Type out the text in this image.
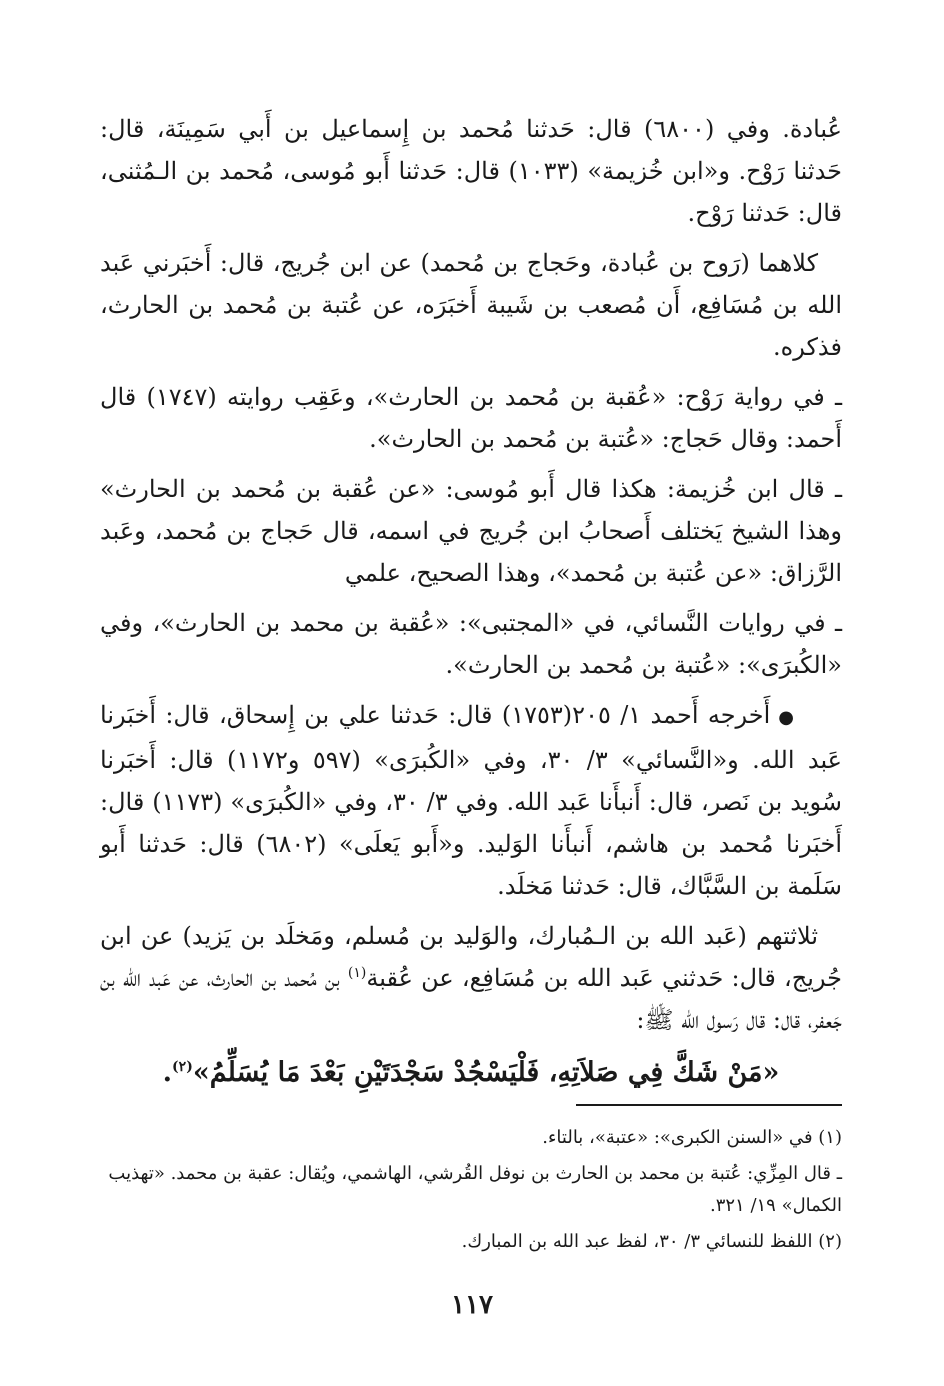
عُبادة. وفي (٦٨٠٠) قال: حَدثنا مُحمد بن إِسماعيل بن أَبي سَمِينَة، قال: حَدثنا رَوْح. و«ابن خُزيمة» (١٠٣٣) قال: حَدثنا أَبو مُوسى، مُحمد بن الـمُثنى، قال: حَدثنا رَوْح.

كلاهما (رَوح بن عُبادة، وحَجاج بن مُحمد) عن ابن جُريج، قال: أَخبَرني عَبد الله بن مُسَافِع، أَن مُصعب بن شَيبة أَخبَرَه، عن عُتبة بن مُحمد بن الحارث، فذكره.

ـ في رواية رَوْح: «عُقبة بن مُحمد بن الحارث»، وعَقِب روايته (١٧٤٧) قال أَحمد: وقال حَجاج: «عُتبة بن مُحمد بن الحارث».

ـ قال ابن خُزيمة: هكذا قال أَبو مُوسى: «عن عُقبة بن مُحمد بن الحارث» وهذا الشيخ يَختلف أَصحابُ ابن جُريج في اسمه، قال حَجاج بن مُحمد، وعَبد الرَّزاق: «عن عُتبة بن مُحمد»، وهذا الصحيح، علمي

ـ في روايات النَّسائي، في «المجتبى»: «عُقبة بن محمد بن الحارث»، وفي «الكُبرَى»: «عُتبة بن مُحمد بن الحارث».

●أَخرجه أَحمد ١/ ٢٠٥(١٧٥٣) قال: حَدثنا علي بن إِسحاق، قال: أَخبَرنا عَبد الله. و«النَّسائي» ٣/ ٣٠، وفي «الكُبرَى» (٥٩٧ و١١٧٢) قال: أَخبَرنا سُويد بن نَصر، قال: أَنبأَنا عَبد الله. وفي ٣/ ٣٠، وفي «الكُبرَى» (١١٧٣) قال: أَخبَرنا مُحمد بن هاشم، أَنبأَنا الوَليد. و«أَبو يَعلَى» (٦٨٠٢) قال: حَدثنا أَبو سَلَمة بن السَّبَّاك، قال: حَدثنا مَخلَد.

ثلاثتهم (عَبد الله بن الـمُبارك، والوَليد بن مُسلم، ومَخلَد بن يَزيد) عن ابن جُريج، قال: حَدثني عَبد الله بن مُسَافِع، عن عُقبة$^{(١)}$ بن مُحمد بن الحارث، عن عَبد الله بن جَعفر، قال: قال رَسول الله ﷺ:

«مَنْ شَكَّ فِي صَلاَتِهِ، فَلْيَسْجُدْ سَجْدَتَيْنِ بَعْدَ مَا يُسَلِّمُ»$^{(٢)}$.

(١) في «السنن الكبرى»: «عتبة»، بالتاء.

ـ قال المِزِّي: عُتبة بن محمد بن الحارث بن نوفل القُرشي، الهاشمي، ويُقال: عقبة بن محمد. «تهذيب الكمال» ١٩/ ٣٢١.

(٢) اللفظ للنسائي ٣/ ٣٠، لفظ عبد الله بن المبارك.

١١٧
